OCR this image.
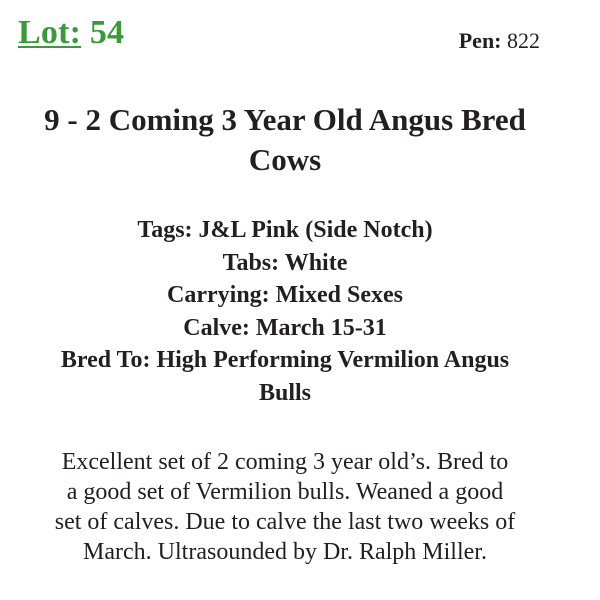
Lot: 54	Pen: 822
9 - 2 Coming 3 Year Old Angus Bred
Cows
Tags: J&L Pink (Side Notch)
Tabs: White
Carrying: Mixed Sexes
Calve: March 15-31
Bred To: High Performing Vermilion Angus
Bulls
Excellent set of 2 coming 3 year old’s. Bred to
a good set of Vermilion bulls. Weaned a good
set of calves. Due to calve the last two weeks of
March. Ultrasounded by Dr. Ralph Miller.
